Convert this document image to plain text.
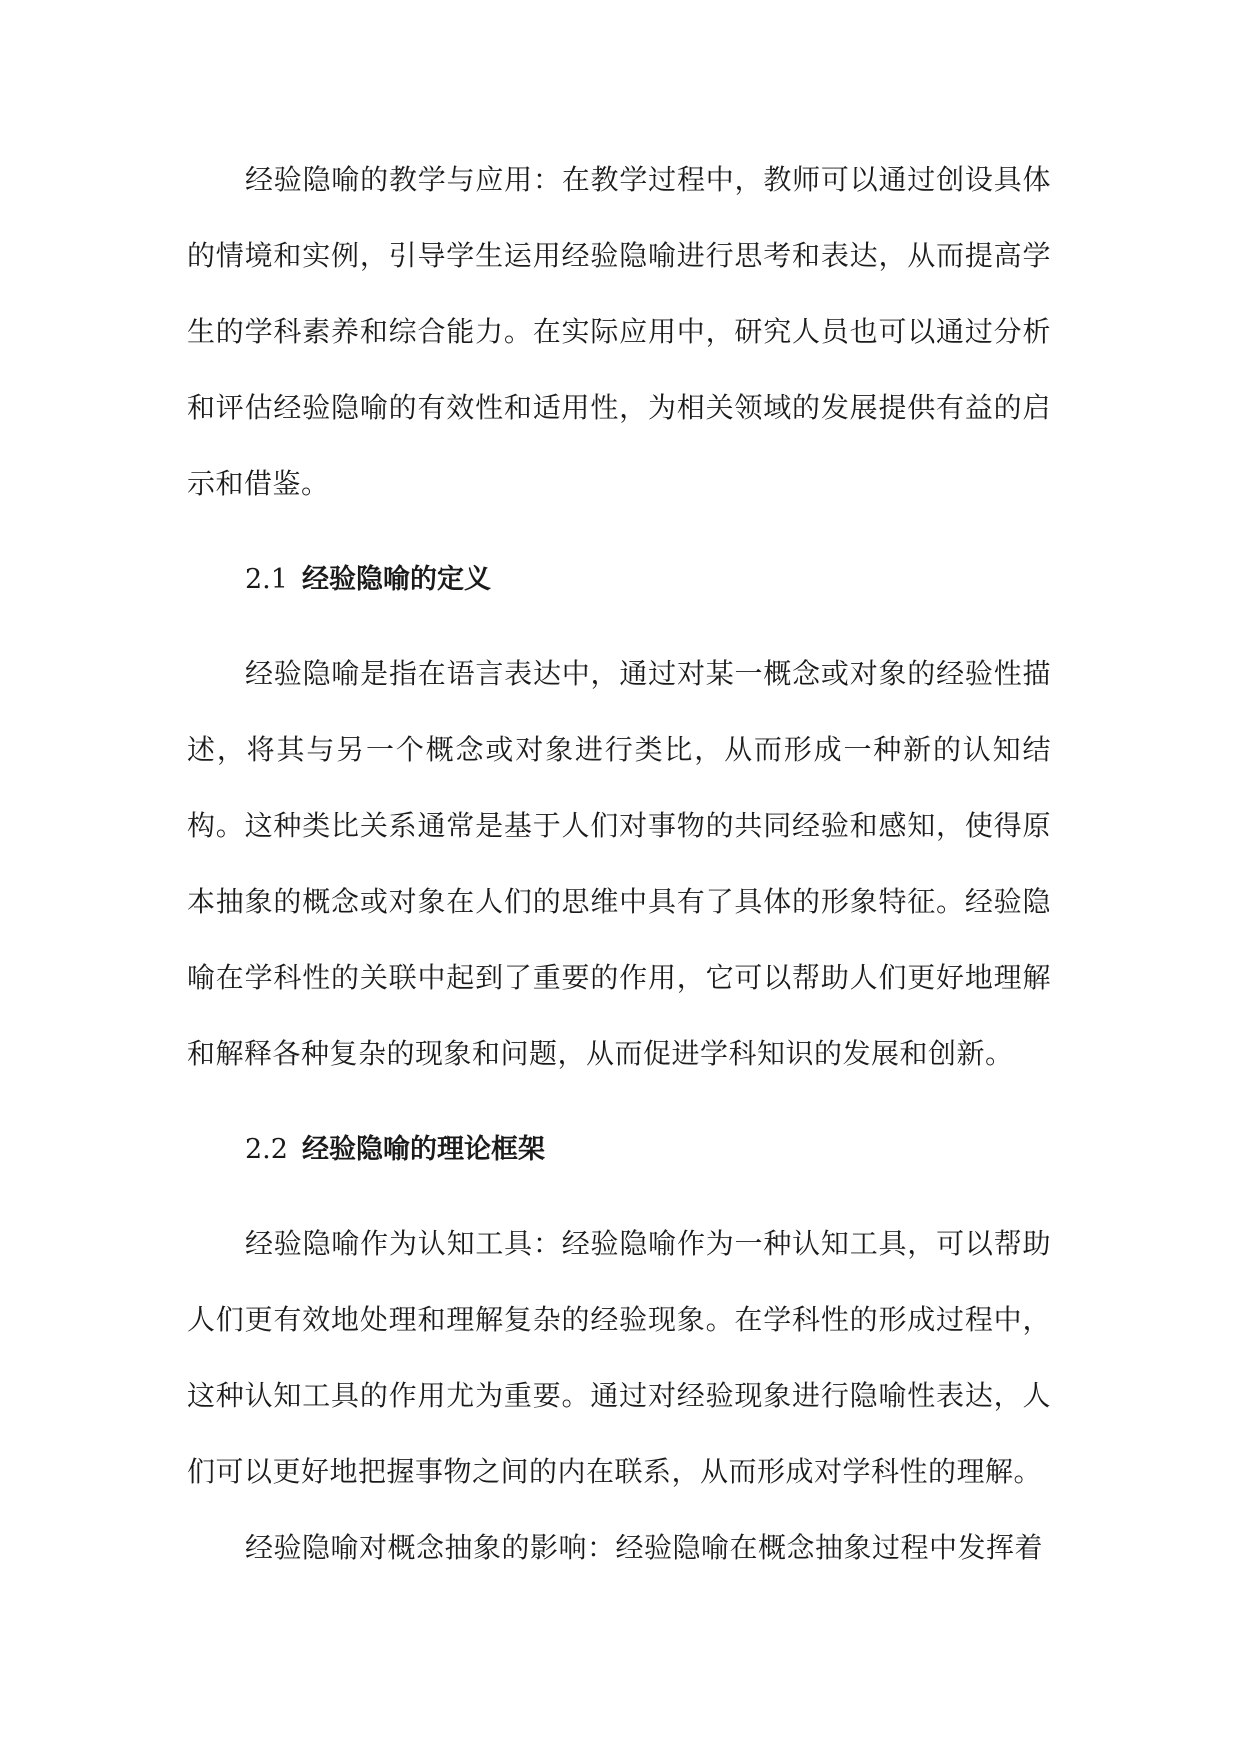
经验隐喻的教学与应用：在教学过程中，教师可以通过创设具体的情境和实例，引导学生运用经验隐喻进行思考和表达，从而提高学生的学科素养和综合能力。在实际应用中，研究人员也可以通过分析和评估经验隐喻的有效性和适用性，为相关领域的发展提供有益的启示和借鉴。

2.1 经验隐喻的定义

经验隐喻是指在语言表达中，通过对某一概念或对象的经验性描述，将其与另一个概念或对象进行类比，从而形成一种新的认知结构。这种类比关系通常是基于人们对事物的共同经验和感知，使得原本抽象的概念或对象在人们的思维中具有了具体的形象特征。经验隐喻在学科性的关联中起到了重要的作用，它可以帮助人们更好地理解和解释各种复杂的现象和问题，从而促进学科知识的发展和创新。

2.2 经验隐喻的理论框架

经验隐喻作为认知工具：经验隐喻作为一种认知工具，可以帮助人们更有效地处理和理解复杂的经验现象。在学科性的形成过程中，这种认知工具的作用尤为重要。通过对经验现象进行隐喻性表达，人们可以更好地把握事物之间的内在联系，从而形成对学科性的理解。

经验隐喻对概念抽象的影响：经验隐喻在概念抽象过程中发挥着
